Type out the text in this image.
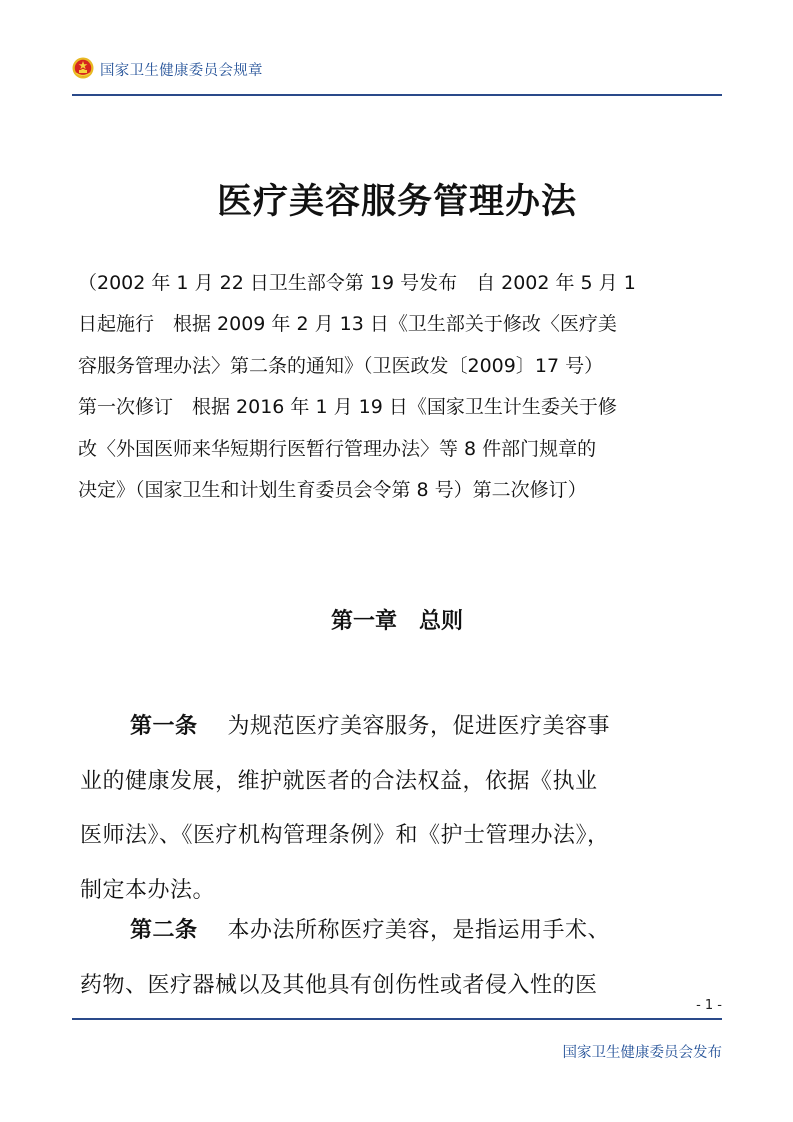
国家卫生健康委员会规章
医疗美容服务管理办法
（2002 年 1 月 22 日卫生部令第 19 号发布　自 2002 年 5 月 1
日起施行　根据 2009 年 2 月 13 日《卫生部关于修改〈医疗美
容服务管理办法〉第二条的通知》（卫医政发〔2009〕17 号）
第一次修订　根据 2016 年 1 月 19 日《国家卫生计生委关于修
改〈外国医师来华短期行医暂行管理办法〉等 8 件部门规章的
决定》（国家卫生和计划生育委员会令第 8 号）第二次修订）
第一章　总则
第一条 为规范医疗美容服务，促进医疗美容事
业的健康发展，维护就医者的合法权益，依据《执业
医师法》、《医疗机构管理条例》和《护士管理办法》，
制定本办法。
第二条 本办法所称医疗美容，是指运用手术、
药物、医疗器械以及其他具有创伤性或者侵入性的医
- 1 -
国家卫生健康委员会发布
